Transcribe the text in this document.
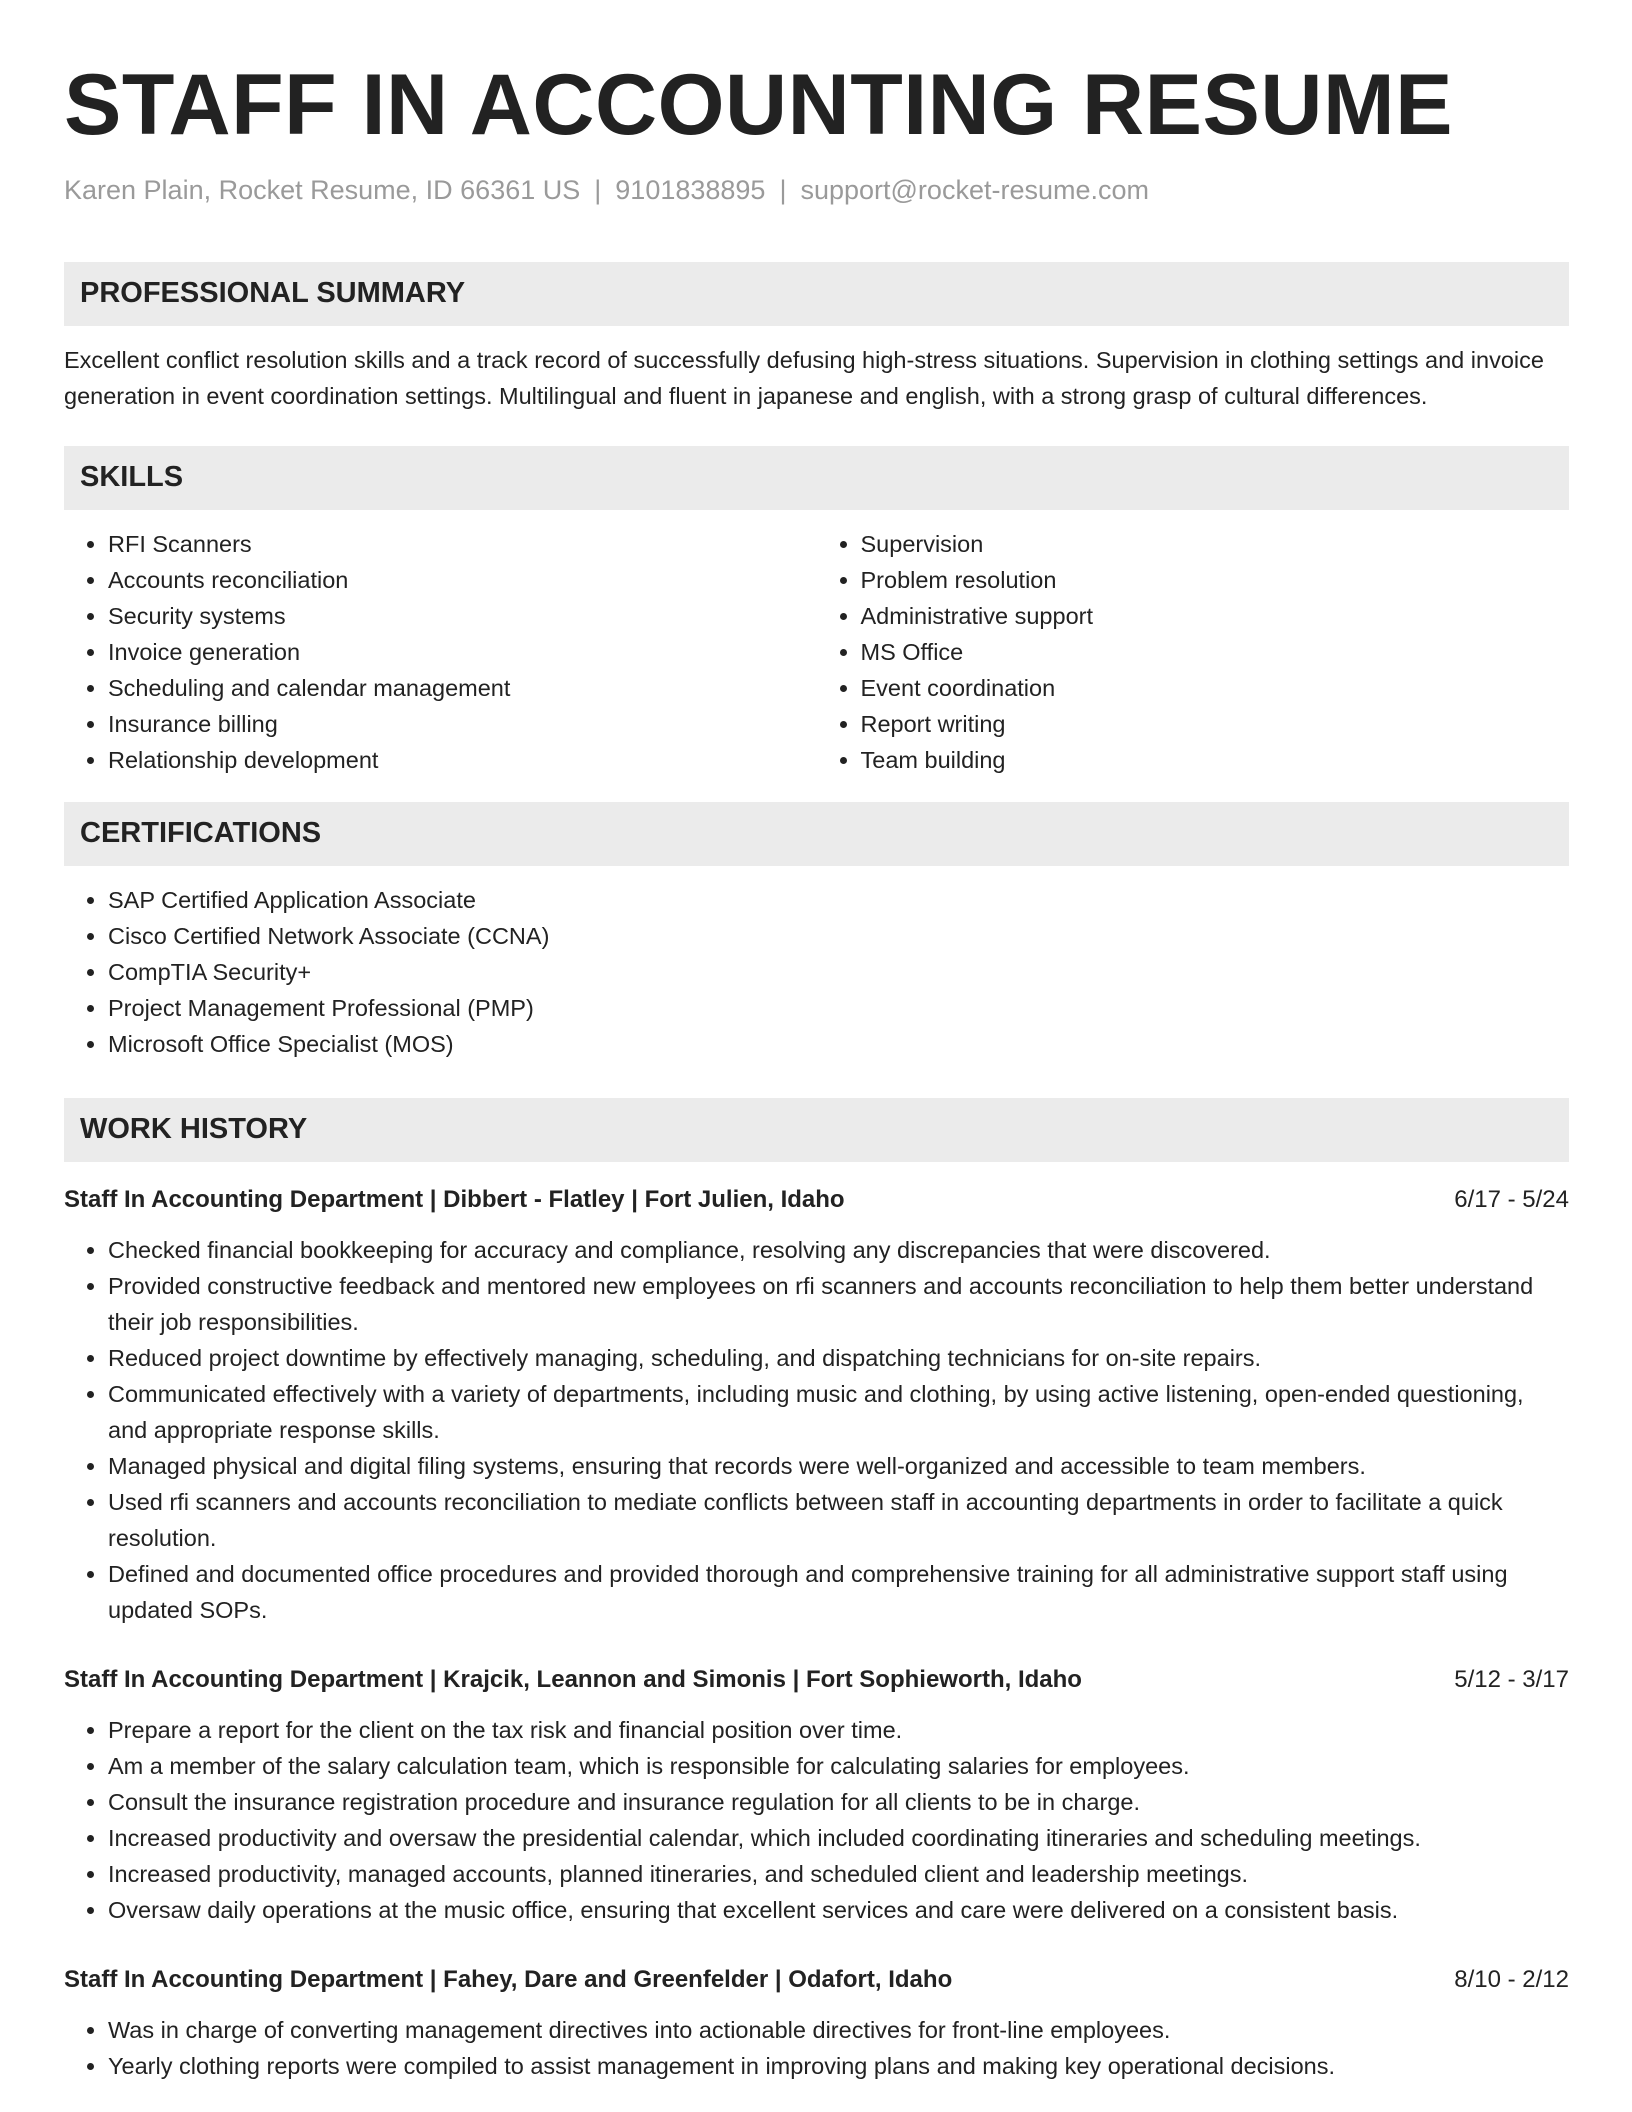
STAFF IN ACCOUNTING RESUME
Karen Plain, Rocket Resume, ID 66361 US | 9101838895 | support@rocket-resume.com
PROFESSIONAL SUMMARY
Excellent conflict resolution skills and a track record of successfully defusing high-stress situations. Supervision in clothing settings and invoice generation in event coordination settings. Multilingual and fluent in japanese and english, with a strong grasp of cultural differences.
SKILLS
• RFI Scanners
• Accounts reconciliation
• Security systems
• Invoice generation
• Scheduling and calendar management
• Insurance billing
• Relationship development
• Supervision
• Problem resolution
• Administrative support
• MS Office
• Event coordination
• Report writing
• Team building
CERTIFICATIONS
• SAP Certified Application Associate
• Cisco Certified Network Associate (CCNA)
• CompTIA Security+
• Project Management Professional (PMP)
• Microsoft Office Specialist (MOS)
WORK HISTORY
Staff In Accounting Department | Dibbert - Flatley | Fort Julien, Idaho	6/17 - 5/24
• Checked financial bookkeeping for accuracy and compliance, resolving any discrepancies that were discovered.
• Provided constructive feedback and mentored new employees on rfi scanners and accounts reconciliation to help them better understand their job responsibilities.
• Reduced project downtime by effectively managing, scheduling, and dispatching technicians for on-site repairs.
• Communicated effectively with a variety of departments, including music and clothing, by using active listening, open-ended questioning, and appropriate response skills.
• Managed physical and digital filing systems, ensuring that records were well-organized and accessible to team members.
• Used rfi scanners and accounts reconciliation to mediate conflicts between staff in accounting departments in order to facilitate a quick resolution.
• Defined and documented office procedures and provided thorough and comprehensive training for all administrative support staff using updated SOPs.
Staff In Accounting Department | Krajcik, Leannon and Simonis | Fort Sophieworth, Idaho	5/12 - 3/17
• Prepare a report for the client on the tax risk and financial position over time.
• Am a member of the salary calculation team, which is responsible for calculating salaries for employees.
• Consult the insurance registration procedure and insurance regulation for all clients to be in charge.
• Increased productivity and oversaw the presidential calendar, which included coordinating itineraries and scheduling meetings.
• Increased productivity, managed accounts, planned itineraries, and scheduled client and leadership meetings.
• Oversaw daily operations at the music office, ensuring that excellent services and care were delivered on a consistent basis.
Staff In Accounting Department | Fahey, Dare and Greenfelder | Odafort, Idaho	8/10 - 2/12
• Was in charge of converting management directives into actionable directives for front-line employees.
• Yearly clothing reports were compiled to assist management in improving plans and making key operational decisions.
